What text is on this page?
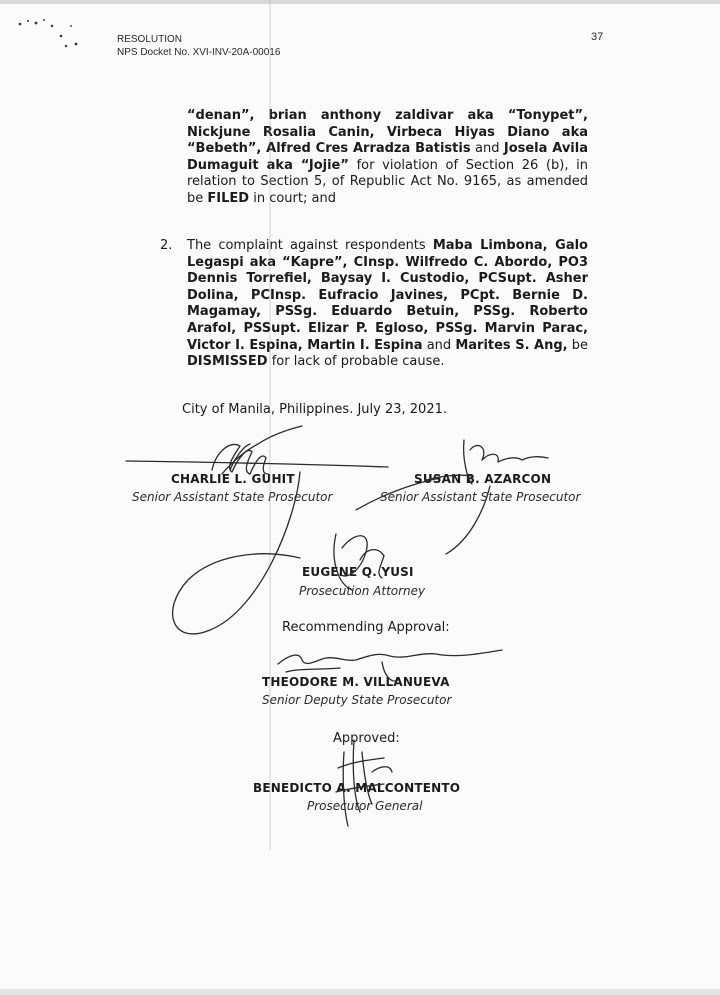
RESOLUTION
NPS Docket No. XVI-INV-20A-00016
37
“denan”, brian anthony zaldivar aka “Tonypet”, Nickjune Rosalia Canin, Virbeca Hiyas Diano aka “Bebeth”, Alfred Cres Arradza Batistis and Josela Avila Dumaguit aka “Jojie” for violation of Section 26 (b), in relation to Section 5, of Republic Act No. 9165, as amended be FILED in court; and
2. The complaint against respondents Maba Limbona, Galo Legaspi aka “Kapre”, CInsp. Wilfredo C. Abordo, PO3 Dennis Torrefiel, Baysay I. Custodio, PCSupt. Asher Dolina, PCInsp. Eufracio Javines, PCpt. Bernie D. Magamay, PSSg. Eduardo Betuin, PSSg. Roberto Arafol, PSSupt. Elizar P. Egloso, PSSg. Marvin Parac, Victor I. Espina, Martin I. Espina and Marites S. Ang, be DISMISSED for lack of probable cause.
City of Manila, Philippines. July 23, 2021.
CHARLIE L. GUHIT
Senior Assistant State Prosecutor
SUSAN B. AZARCON
Senior Assistant State Prosecutor
EUGENE Q. YUSI
Prosecution Attorney
Recommending Approval:
THEODORE M. VILLANUEVA
Senior Deputy State Prosecutor
Approved:
BENEDICTO A. MALCONTENTO
Prosecutor General
